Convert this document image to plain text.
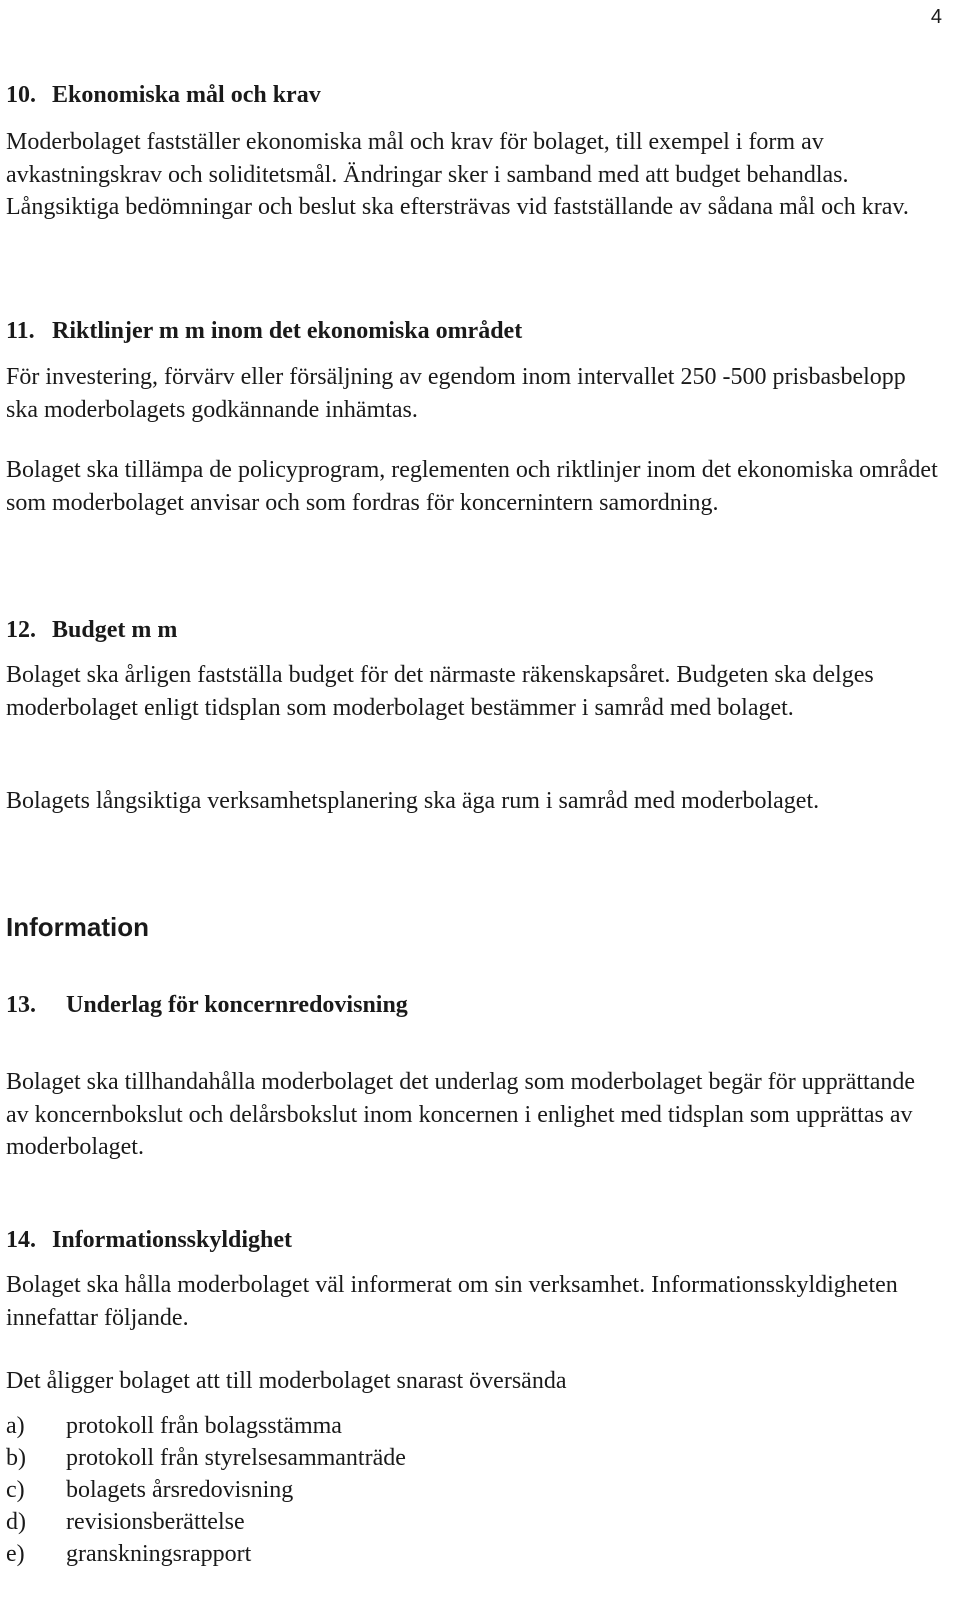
4
10. Ekonomiska mål och krav

Moderbolaget fastställer ekonomiska mål och krav för bolaget, till exempel i form av avkastningskrav och soliditetsmål. Ändringar sker i samband med att budget behandlas. Långsiktiga bedömningar och beslut ska eftersträvas vid fastställande av sådana mål och krav.

11. Riktlinjer m m inom det ekonomiska området

För investering, förvärv eller försäljning av egendom inom intervallet 250 -500 prisbasbelopp ska moderbolagets godkännande inhämtas.

Bolaget ska tillämpa de policyprogram, reglementen och riktlinjer inom det ekonomiska området som moderbolaget anvisar och som fordras för koncernintern samordning.

12. Budget m m

Bolaget ska årligen fastställa budget för det närmaste räkenskapsåret. Budgeten ska delges moderbolaget enligt tidsplan som moderbolaget bestämmer i samråd med bolaget.

Bolagets långsiktiga verksamhetsplanering ska äga rum i samråd med moderbolaget.

Information
13. Underlag för koncernredovisning

Bolaget ska tillhandahålla moderbolaget det underlag som moderbolaget begär för upprättande av koncernbokslut och delårsbokslut inom koncernen i enlighet med tidsplan som upprättas av moderbolaget.

14. Informationsskyldighet

Bolaget ska hålla moderbolaget väl informerat om sin verksamhet. Informationsskyldigheten innefattar följande.

Det åligger bolaget att till moderbolaget snarast översända

a)	protokoll från bolagsstämma
b)	protokoll från styrelsesammanträde
c)	bolagets årsredovisning
d)	revisionsberättelse
e)	granskningsrapport
